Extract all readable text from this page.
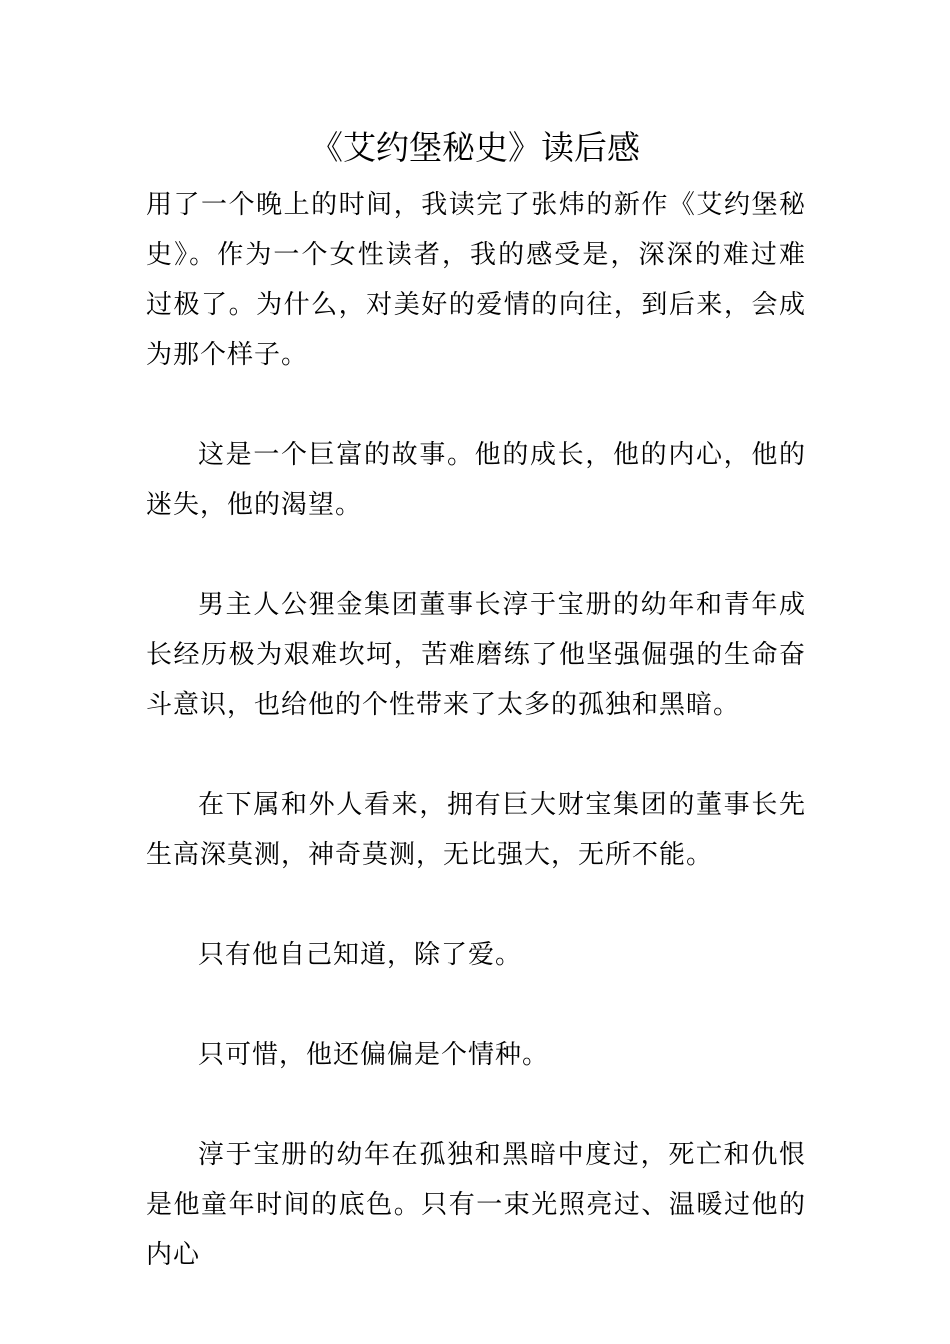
《艾约堡秘史》读后感

用了一个晚上的时间，我读完了张炜的新作《艾约堡秘史》。作为一个女性读者，我的感受是，深深的难过难过极了。为什么，对美好的爱情的向往，到后来，会成为那个样子。

这是一个巨富的故事。他的成长，他的内心，他的迷失，他的渴望。

男主人公狸金集团董事长淳于宝册的幼年和青年成长经历极为艰难坎坷，苦难磨练了他坚强倔强的生命奋斗意识，也给他的个性带来了太多的孤独和黑暗。

在下属和外人看来，拥有巨大财宝集团的董事长先生高深莫测，神奇莫测，无比强大，无所不能。

只有他自己知道，除了爱。

只可惜，他还偏偏是个情种。

淳于宝册的幼年在孤独和黑暗中度过，死亡和仇恨是他童年时间的底色。只有一束光照亮过、温暖过他的内心
